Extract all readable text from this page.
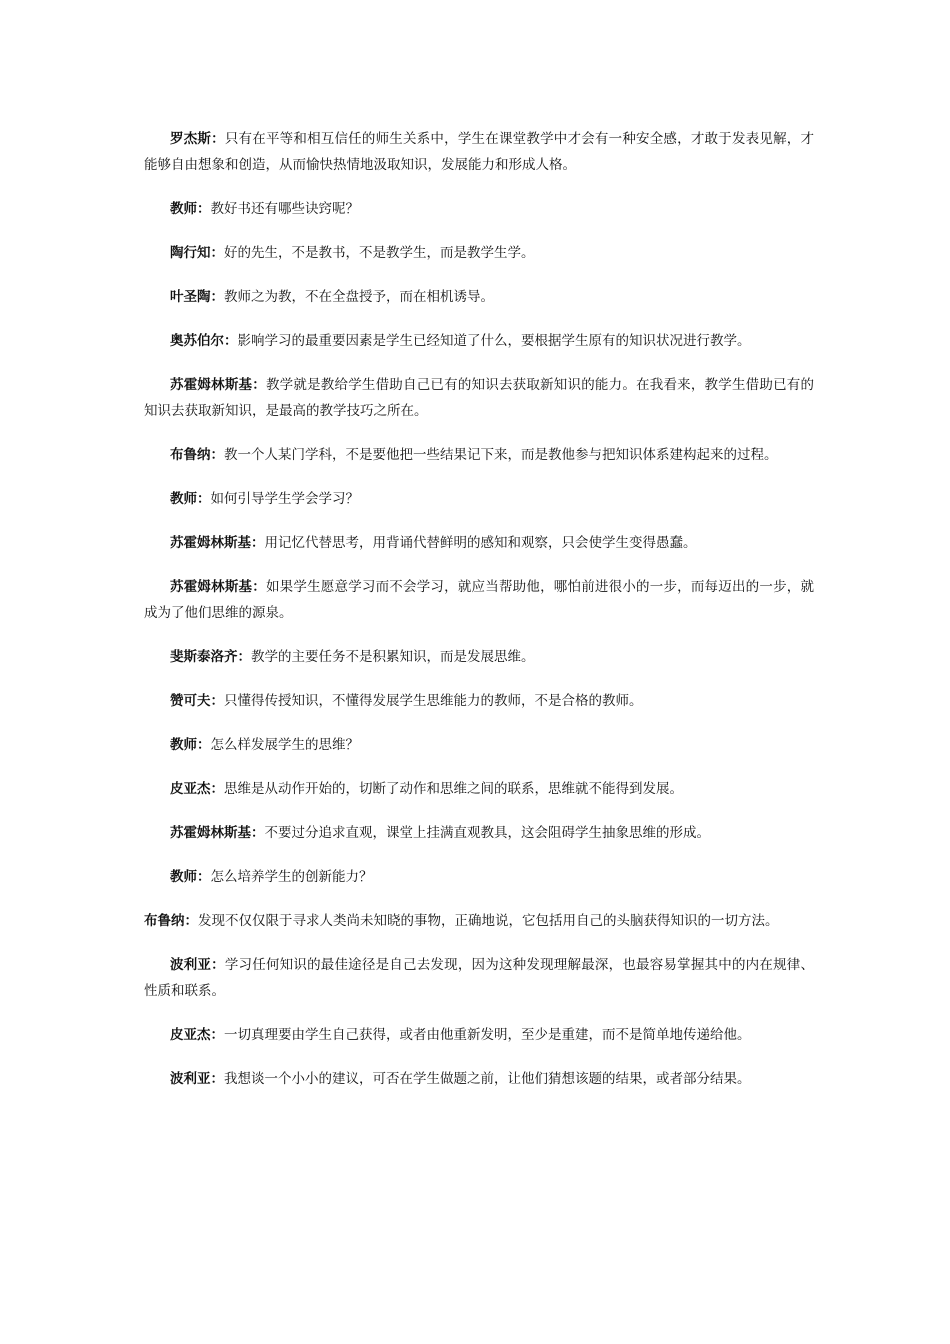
罗杰斯：只有在平等和相互信任的师生关系中，学生在课堂教学中才会有一种安全感，才敢于发表见解，才能够自由想象和创造，从而愉快热情地汲取知识，发展能力和形成人格。

教师：教好书还有哪些诀窍呢？

陶行知：好的先生，不是教书，不是教学生，而是教学生学。

叶圣陶：教师之为教，不在全盘授予，而在相机诱导。

奥苏伯尔：影响学习的最重要因素是学生已经知道了什么，要根据学生原有的知识状况进行教学。

苏霍姆林斯基：教学就是教给学生借助自己已有的知识去获取新知识的能力。在我看来，教学生借助已有的知识去获取新知识，是最高的教学技巧之所在。

布鲁纳：教一个人某门学科，不是要他把一些结果记下来，而是教他参与把知识体系建构起来的过程。

教师：如何引导学生学会学习？

苏霍姆林斯基：用记忆代替思考，用背诵代替鲜明的感知和观察，只会使学生变得愚蠢。

苏霍姆林斯基：如果学生愿意学习而不会学习，就应当帮助他，哪怕前进很小的一步，而每迈出的一步，就成为了他们思维的源泉。

斐斯泰洛齐：教学的主要任务不是积累知识，而是发展思维。

赞可夫：只懂得传授知识，不懂得发展学生思维能力的教师，不是合格的教师。

教师：怎么样发展学生的思维？

皮亚杰：思维是从动作开始的，切断了动作和思维之间的联系，思维就不能得到发展。

苏霍姆林斯基：不要过分追求直观，课堂上挂满直观教具，这会阻碍学生抽象思维的形成。

教师：怎么培养学生的创新能力？

布鲁纳：发现不仅仅限于寻求人类尚未知晓的事物，正确地说，它包括用自己的头脑获得知识的一切方法。

波利亚：学习任何知识的最佳途径是自己去发现，因为这种发现理解最深，也最容易掌握其中的内在规律、性质和联系。

皮亚杰：一切真理要由学生自己获得，或者由他重新发明，至少是重建，而不是简单地传递给他。

波利亚：我想谈一个小小的建议，可否在学生做题之前，让他们猜想该题的结果，或者部分结果。
